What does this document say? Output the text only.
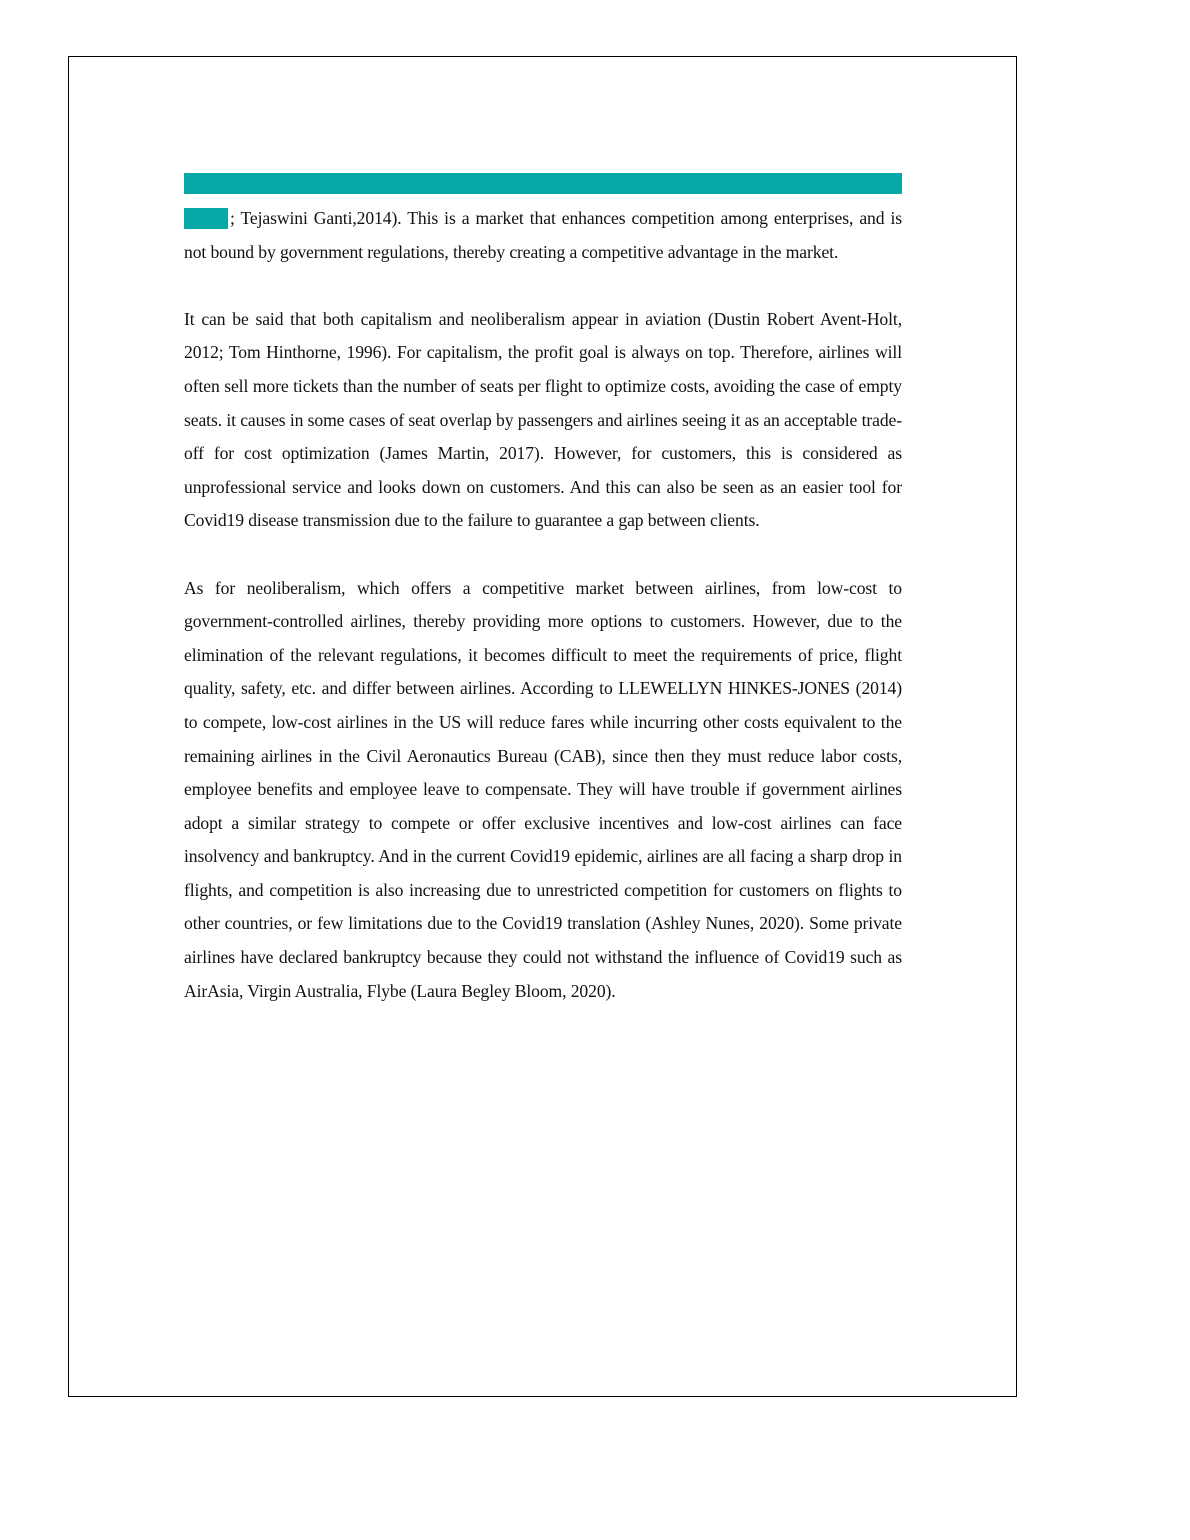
; Tejaswini Ganti,2014). This is a market that enhances competition among enterprises, and is not bound by government regulations, thereby creating a competitive advantage in the market.

It can be said that both capitalism and neoliberalism appear in aviation (Dustin Robert Avent-Holt, 2012; Tom Hinthorne, 1996). For capitalism, the profit goal is always on top. Therefore, airlines will often sell more tickets than the number of seats per flight to optimize costs, avoiding the case of empty seats. it causes in some cases of seat overlap by passengers and airlines seeing it as an acceptable trade-off for cost optimization (James Martin, 2017). However, for customers, this is considered as unprofessional service and looks down on customers. And this can also be seen as an easier tool for Covid19 disease transmission due to the failure to guarantee a gap between clients.

As for neoliberalism, which offers a competitive market between airlines, from low-cost to government-controlled airlines, thereby providing more options to customers. However, due to the elimination of the relevant regulations, it becomes difficult to meet the requirements of price, flight quality, safety, etc. and differ between airlines. According to LLEWELLYN HINKES-JONES (2014) to compete, low-cost airlines in the US will reduce fares while incurring other costs equivalent to the remaining airlines in the Civil Aeronautics Bureau (CAB), since then they must reduce labor costs, employee benefits and employee leave to compensate. They will have trouble if government airlines adopt a similar strategy to compete or offer exclusive incentives and low-cost airlines can face insolvency and bankruptcy. And in the current Covid19 epidemic, airlines are all facing a sharp drop in flights, and competition is also increasing due to unrestricted competition for customers on flights to other countries, or few limitations due to the Covid19 translation (Ashley Nunes, 2020). Some private airlines have declared bankruptcy because they could not withstand the influence of Covid19 such as AirAsia, Virgin Australia, Flybe (Laura Begley Bloom, 2020).
